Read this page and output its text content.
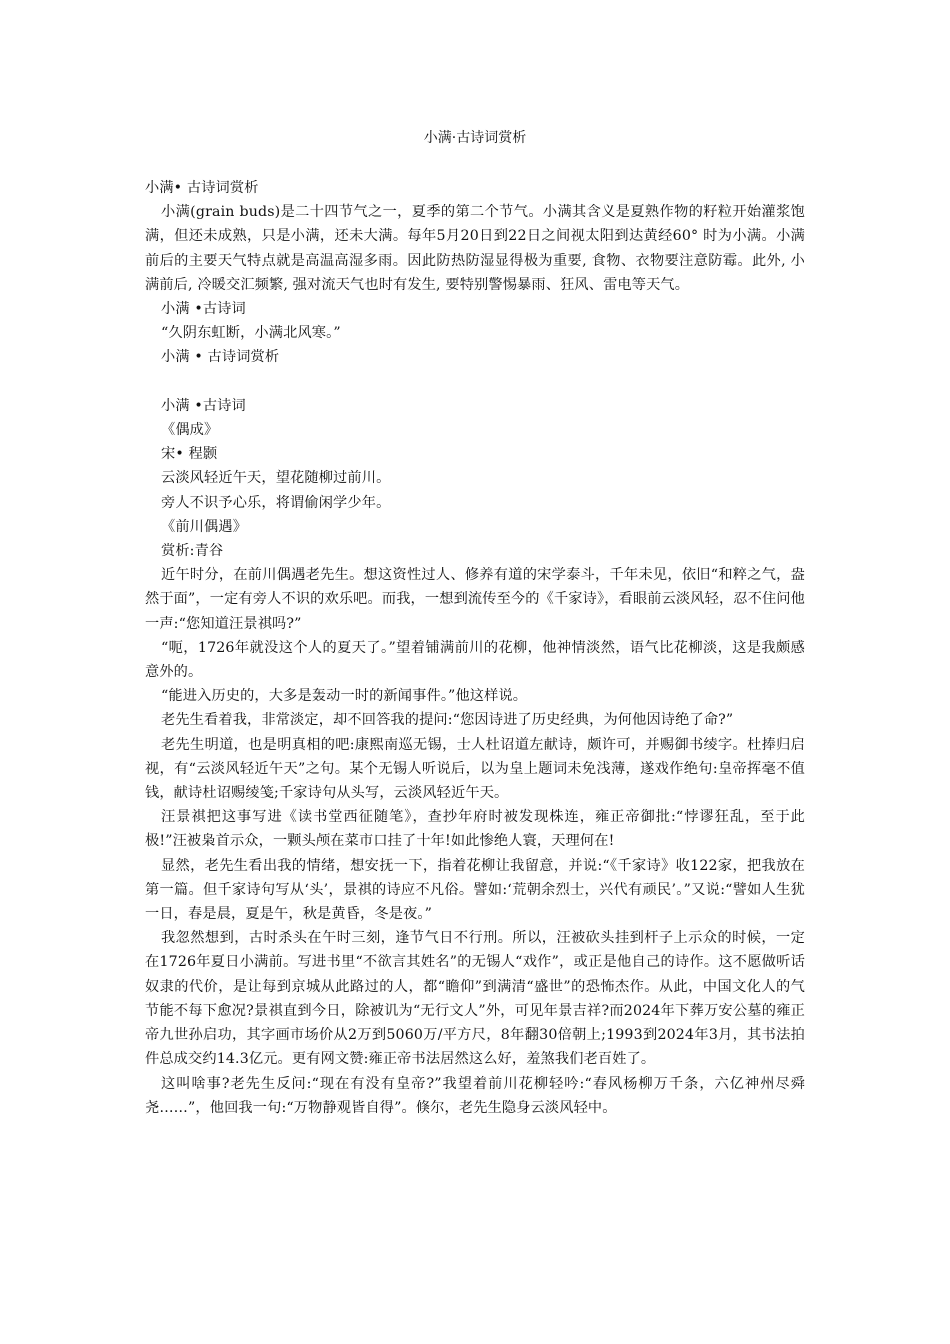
小满·古诗词赏析

小满• 古诗词赏析

小满(grain buds)是二十四节气之一，夏季的第二个节气。小满其含义是夏熟作物的籽粒开始灌浆饱满，但还未成熟，只是小满，还未大满。每年5月20日到22日之间视太阳到达黄经60° 时为小满。小满前后的主要天气特点就是高温高湿多雨。因此防热防湿显得极为重要, 食物、衣物要注意防霉。此外, 小满前后, 冷暖交汇频繁, 强对流天气也时有发生, 要特别警惕暴雨、狂风、雷电等天气。

小满 •古诗词

“久阴东虹断，小满北风寒。”

小满 • 古诗词赏析

小满 •古诗词

《偶成》

宋• 程颢

云淡风轻近午天，望花随柳过前川。

旁人不识予心乐，将谓偷闲学少年。

《前川偶遇》

赏析:青谷

近午时分，在前川偶遇老先生。想这资性过人、修养有道的宋学泰斗，千年未见，依旧“和粹之气，盎然于面”，一定有旁人不识的欢乐吧。而我，一想到流传至今的《千家诗》，看眼前云淡风轻，忍不住问他一声:“您知道汪景祺吗?”

“呃，1726年就没这个人的夏天了。”望着铺满前川的花柳，他神情淡然，语气比花柳淡，这是我颇感意外的。

“能进入历史的，大多是轰动一时的新闻事件。”他这样说。

老先生看着我，非常淡定，却不回答我的提问:“您因诗进了历史经典，为何他因诗绝了命?”

老先生明道，也是明真相的吧:康熙南巡无锡，士人杜诏道左献诗，颇许可，并赐御书绫字。杜捧归启视，有“云淡风轻近午天”之句。某个无锡人听说后，以为皇上题词未免浅薄，遂戏作绝句:皇帝挥毫不值钱，献诗杜诏赐绫笺;千家诗句从头写，云淡风轻近午天。

汪景祺把这事写进《读书堂西征随笔》，查抄年府时被发现株连，雍正帝御批:“悖谬狂乱，至于此极!”汪被枭首示众，一颗头颅在菜市口挂了十年!如此惨绝人寰，天理何在!

显然，老先生看出我的情绪，想安抚一下，指着花柳让我留意，并说:“《千家诗》收122家，把我放在第一篇。但千家诗句写从‘头’，景祺的诗应不凡俗。譬如:‘荒朝余烈士，兴代有顽民’。”又说:“譬如人生犹一日，春是晨，夏是午，秋是黄昏，冬是夜。”

我忽然想到，古时杀头在午时三刻，逢节气日不行刑。所以，汪被砍头挂到杆子上示众的时候，一定在1726年夏日小满前。写进书里“不欲言其姓名”的无锡人“戏作”，或正是他自己的诗作。这不愿做听话奴隶的代价，是让每到京城从此路过的人，都“瞻仰”到满清“盛世”的恐怖杰作。从此，中国文化人的气节能不每下愈况?景祺直到今日，除被讥为“无行文人”外，可见年景吉祥?而2024年下葬万安公墓的雍正帝九世孙启功，其字画市场价从2万到5060万/平方尺，8年翻30倍朝上;1993到2024年3月，其书法拍件总成交约14.3亿元。更有网文赞:雍正帝书法居然这么好，羞煞我们老百姓了。

这叫啥事?老先生反问:“现在有没有皇帝?”我望着前川花柳轻吟:“春风杨柳万千条，六亿神州尽舜尧……”，他回我一句:“万物静观皆自得”。倏尔，老先生隐身云淡风轻中。
